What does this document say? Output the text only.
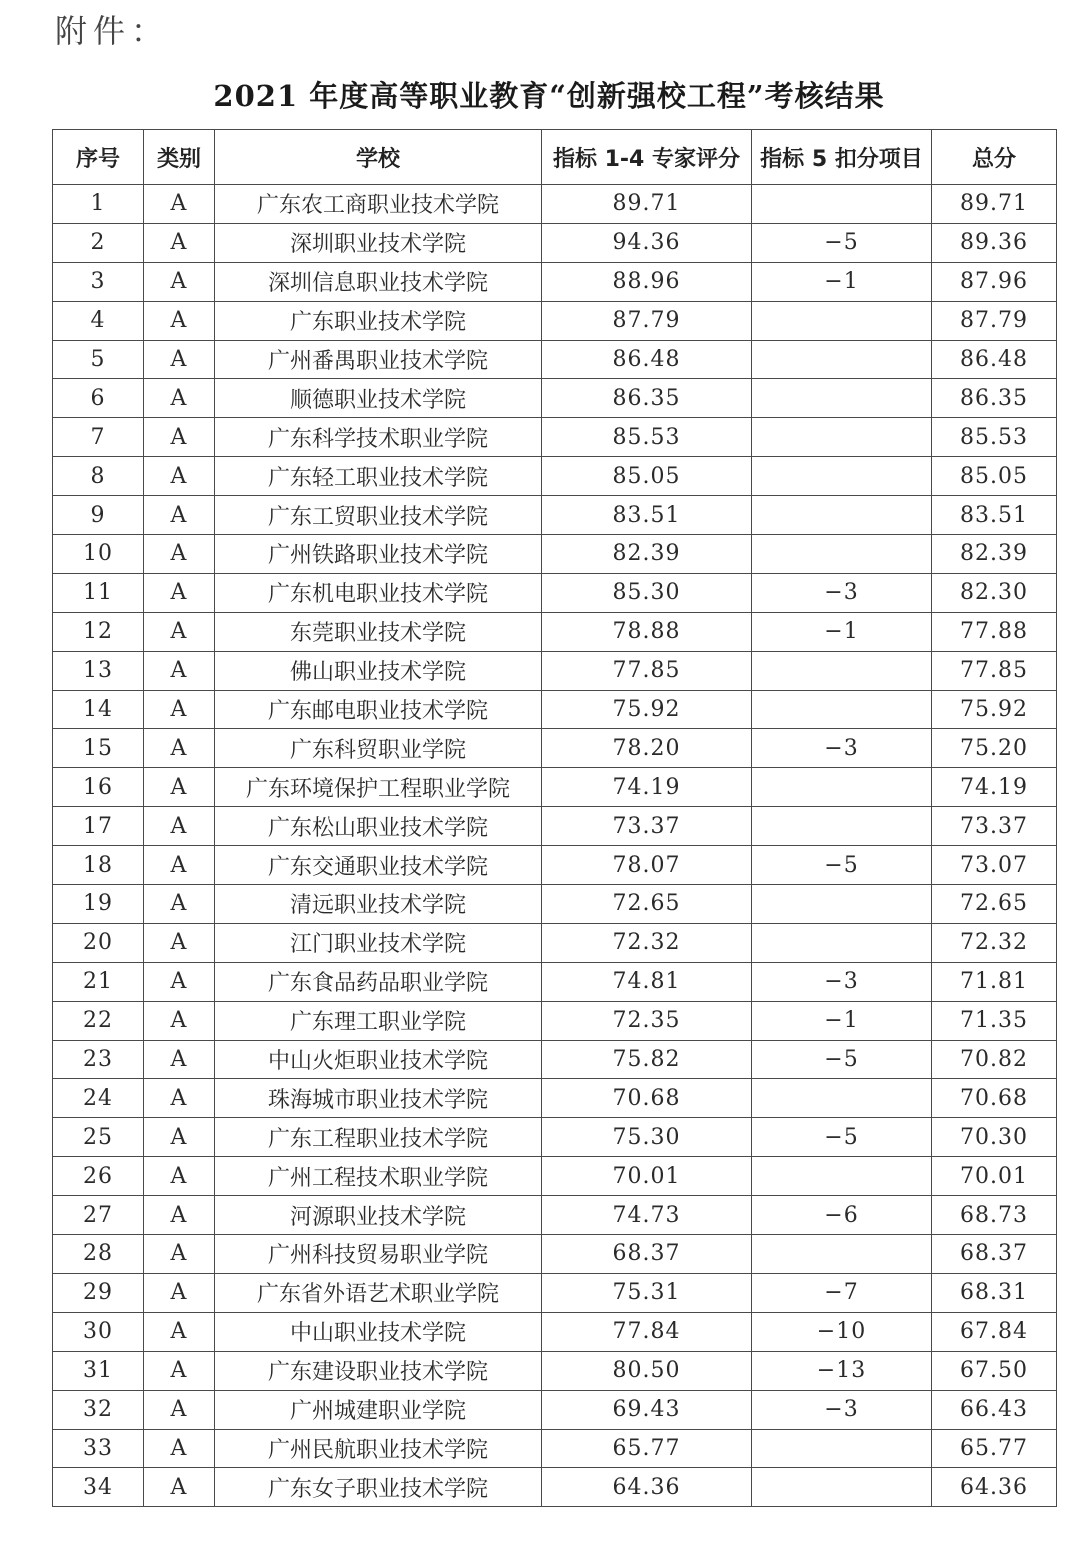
附件：
2021 年度高等职业教育“创新强校工程”考核结果
序号	类别	学校	指标 1-4 专家评分	指标 5 扣分项目	总分
1	A	广东农工商职业技术学院	89.71		89.71
2	A	深圳职业技术学院	94.36	−5	89.36
3	A	深圳信息职业技术学院	88.96	−1	87.96
4	A	广东职业技术学院	87.79		87.79
5	A	广州番禺职业技术学院	86.48		86.48
6	A	顺德职业技术学院	86.35		86.35
7	A	广东科学技术职业学院	85.53		85.53
8	A	广东轻工职业技术学院	85.05		85.05
9	A	广东工贸职业技术学院	83.51		83.51
10	A	广州铁路职业技术学院	82.39		82.39
11	A	广东机电职业技术学院	85.30	−3	82.30
12	A	东莞职业技术学院	78.88	−1	77.88
13	A	佛山职业技术学院	77.85		77.85
14	A	广东邮电职业技术学院	75.92		75.92
15	A	广东科贸职业学院	78.20	−3	75.20
16	A	广东环境保护工程职业学院	74.19		74.19
17	A	广东松山职业技术学院	73.37		73.37
18	A	广东交通职业技术学院	78.07	−5	73.07
19	A	清远职业技术学院	72.65		72.65
20	A	江门职业技术学院	72.32		72.32
21	A	广东食品药品职业学院	74.81	−3	71.81
22	A	广东理工职业学院	72.35	−1	71.35
23	A	中山火炬职业技术学院	75.82	−5	70.82
24	A	珠海城市职业技术学院	70.68		70.68
25	A	广东工程职业技术学院	75.30	−5	70.30
26	A	广州工程技术职业学院	70.01		70.01
27	A	河源职业技术学院	74.73	−6	68.73
28	A	广州科技贸易职业学院	68.37		68.37
29	A	广东省外语艺术职业学院	75.31	−7	68.31
30	A	中山职业技术学院	77.84	−10	67.84
31	A	广东建设职业技术学院	80.50	−13	67.50
32	A	广州城建职业学院	69.43	−3	66.43
33	A	广州民航职业技术学院	65.77		65.77
34	A	广东女子职业技术学院	64.36		64.36
